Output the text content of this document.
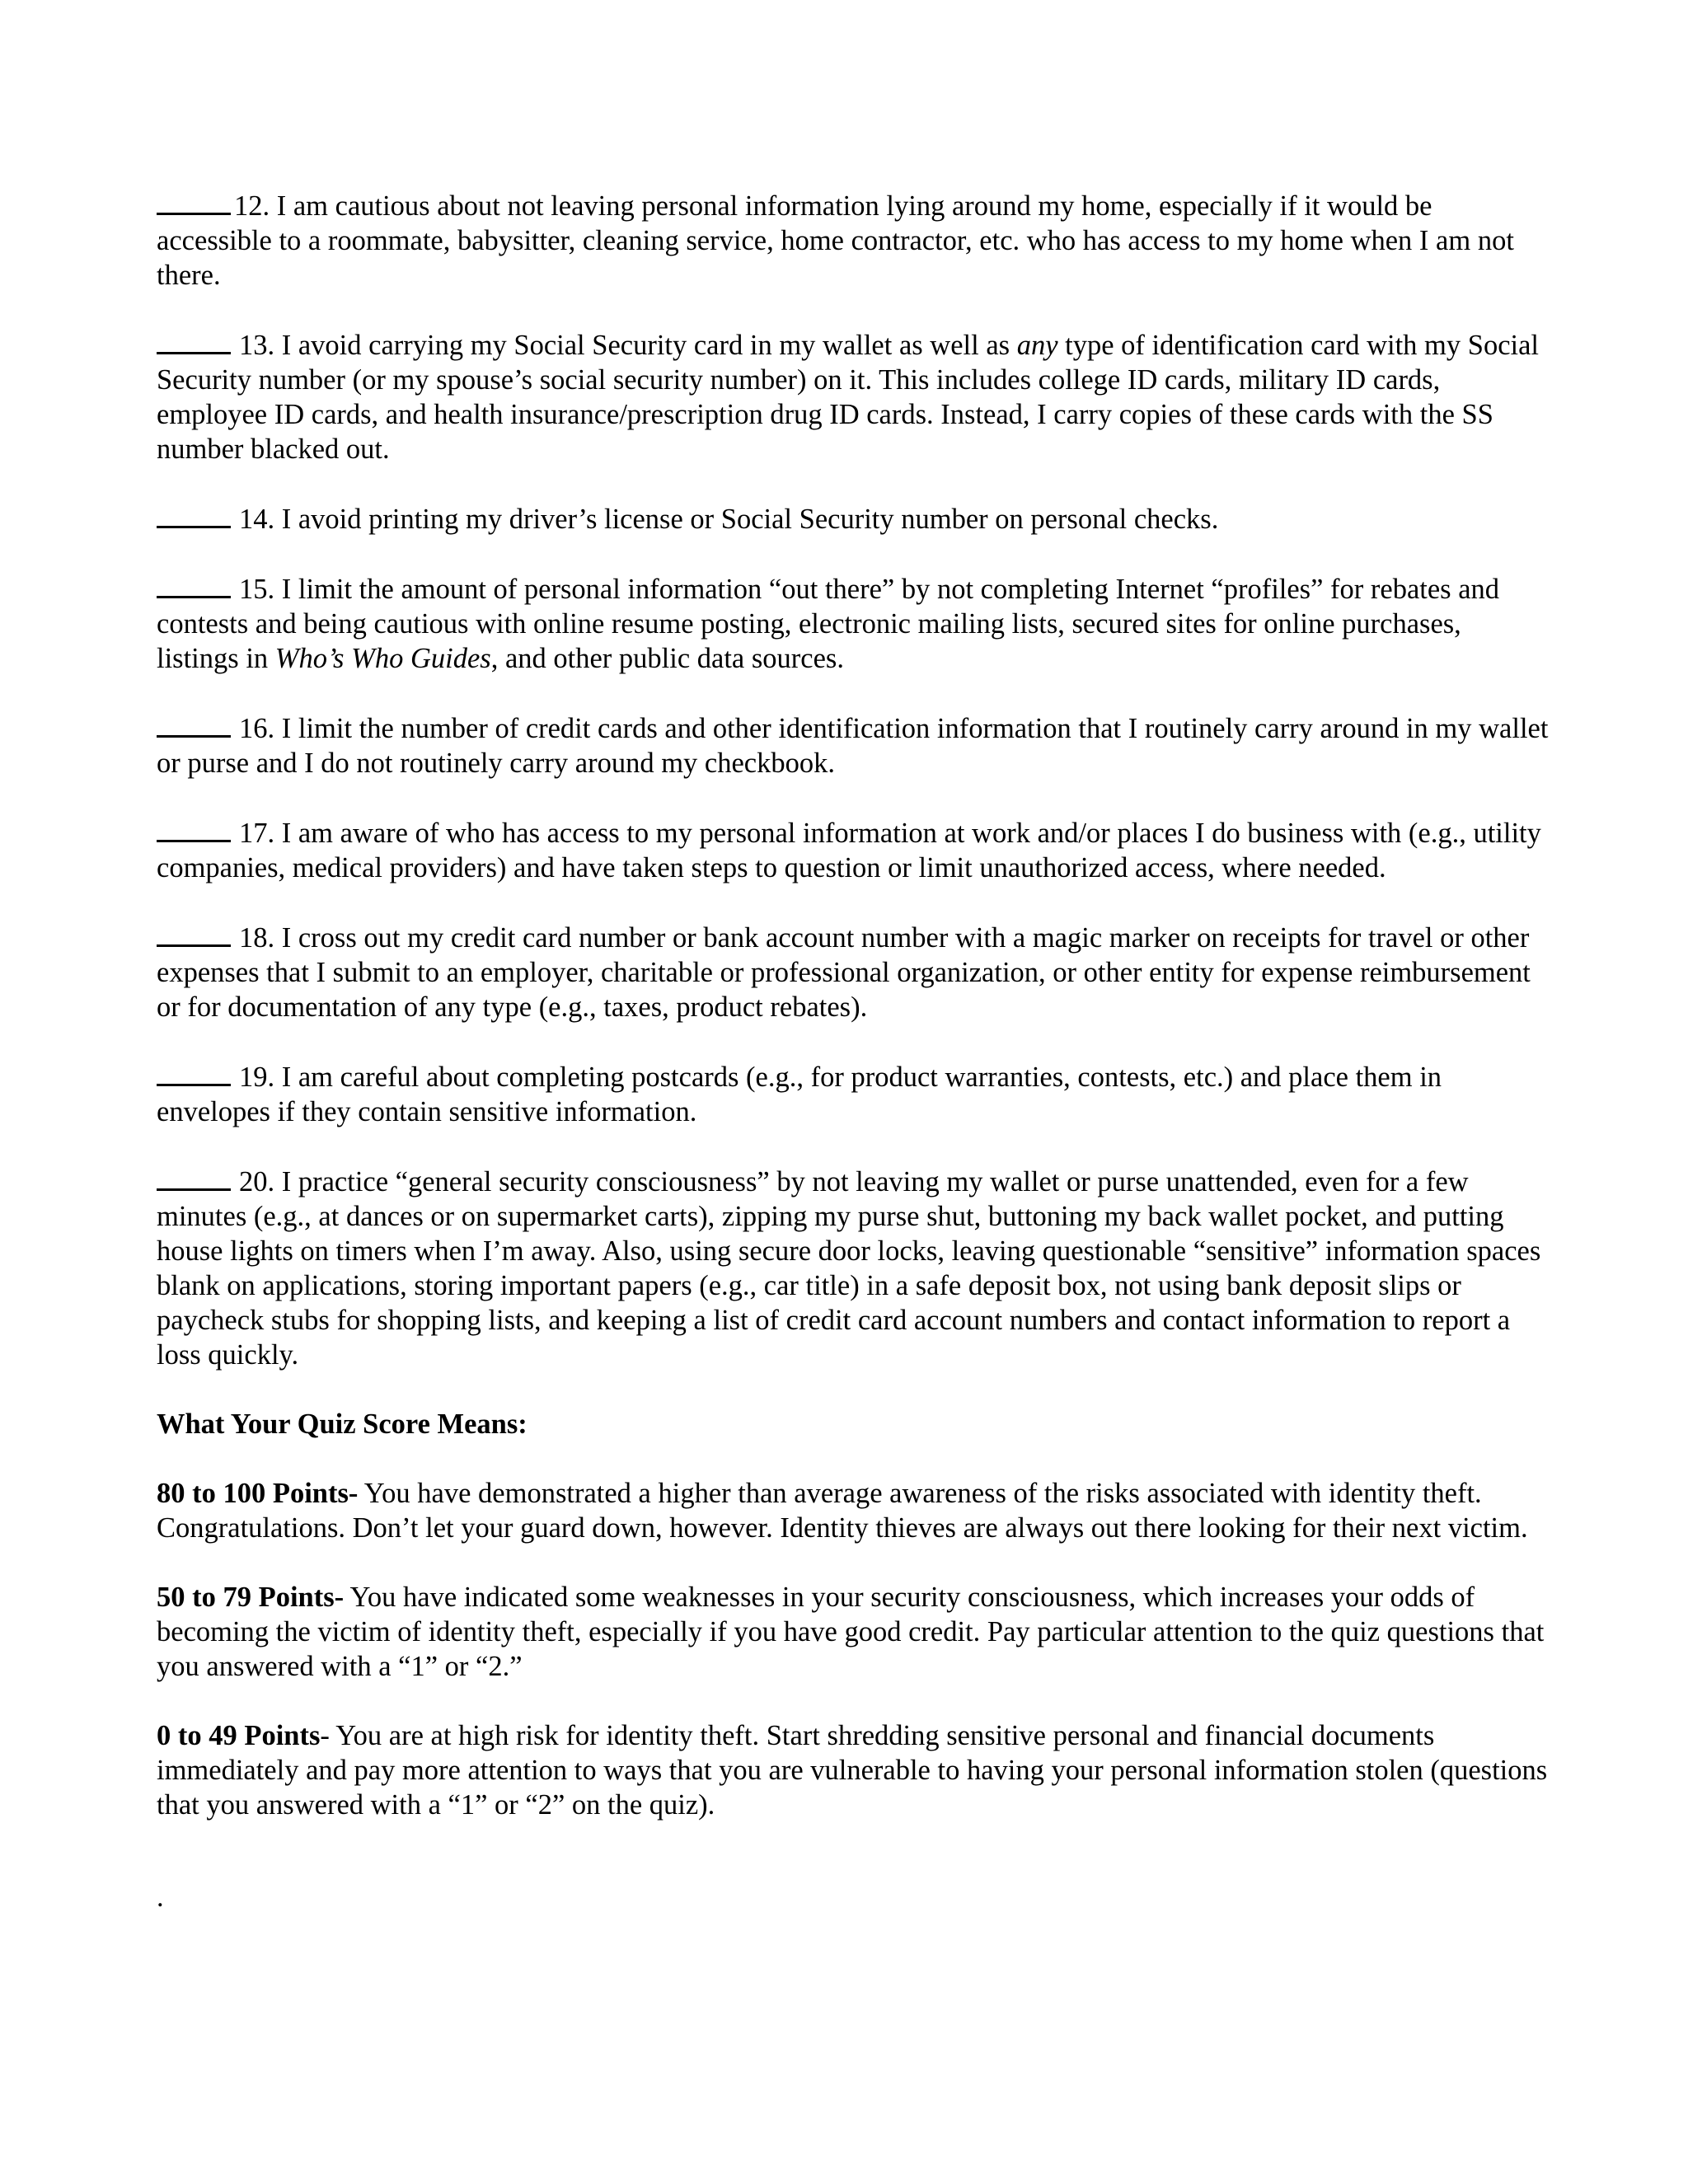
12. I am cautious about not leaving personal information lying around my home, especially if it would be accessible to a roommate, babysitter, cleaning service, home contractor, etc. who has access to my home when I am not there.
13. I avoid carrying my Social Security card in my wallet as well as any type of identification card with my Social Security number (or my spouse’s social security number) on it. This includes college ID cards, military ID cards, employee ID cards, and health insurance/prescription drug ID cards. Instead, I carry copies of these cards with the SS number blacked out.
14. I avoid printing my driver’s license or Social Security number on personal checks.
15. I limit the amount of personal information “out there” by not completing Internet “profiles” for rebates and contests and being cautious with online resume posting, electronic mailing lists, secured sites for online purchases, listings in Who’s Who Guides, and other public data sources.
16. I limit the number of credit cards and other identification information that I routinely carry around in my wallet or purse and I do not routinely carry around my checkbook.
17. I am aware of who has access to my personal information at work and/or places I do business with (e.g., utility companies, medical providers) and have taken steps to question or limit unauthorized access, where needed.
18. I cross out my credit card number or bank account number with a magic marker on receipts for travel or other expenses that I submit to an employer, charitable or professional organization, or other entity for expense reimbursement or for documentation of any type (e.g., taxes, product rebates).
19. I am careful about completing postcards (e.g., for product warranties, contests, etc.) and place them in envelopes if they contain sensitive information.
20. I practice “general security consciousness” by not leaving my wallet or purse unattended, even for a few minutes (e.g., at dances or on supermarket carts), zipping my purse shut, buttoning my back wallet pocket, and putting house lights on timers when I’m away. Also, using secure door locks, leaving questionable “sensitive” information spaces blank on applications, storing important papers (e.g., car title) in a safe deposit box, not using bank deposit slips or paycheck stubs for shopping lists, and keeping a list of credit card account numbers and contact information to report a loss quickly.
What Your Quiz Score Means:
80 to 100 Points- You have demonstrated a higher than average awareness of the risks associated with identity theft. Congratulations. Don’t let your guard down, however. Identity thieves are always out there looking for their next victim.
50 to 79 Points- You have indicated some weaknesses in your security consciousness, which increases your odds of becoming the victim of identity theft, especially if you have good credit. Pay particular attention to the quiz questions that you answered with a “1” or “2.”
0 to 49 Points- You are at high risk for identity theft. Start shredding sensitive personal and financial documents immediately and pay more attention to ways that you are vulnerable to having your personal information stolen (questions that you answered with a “1” or “2” on the quiz).
.
